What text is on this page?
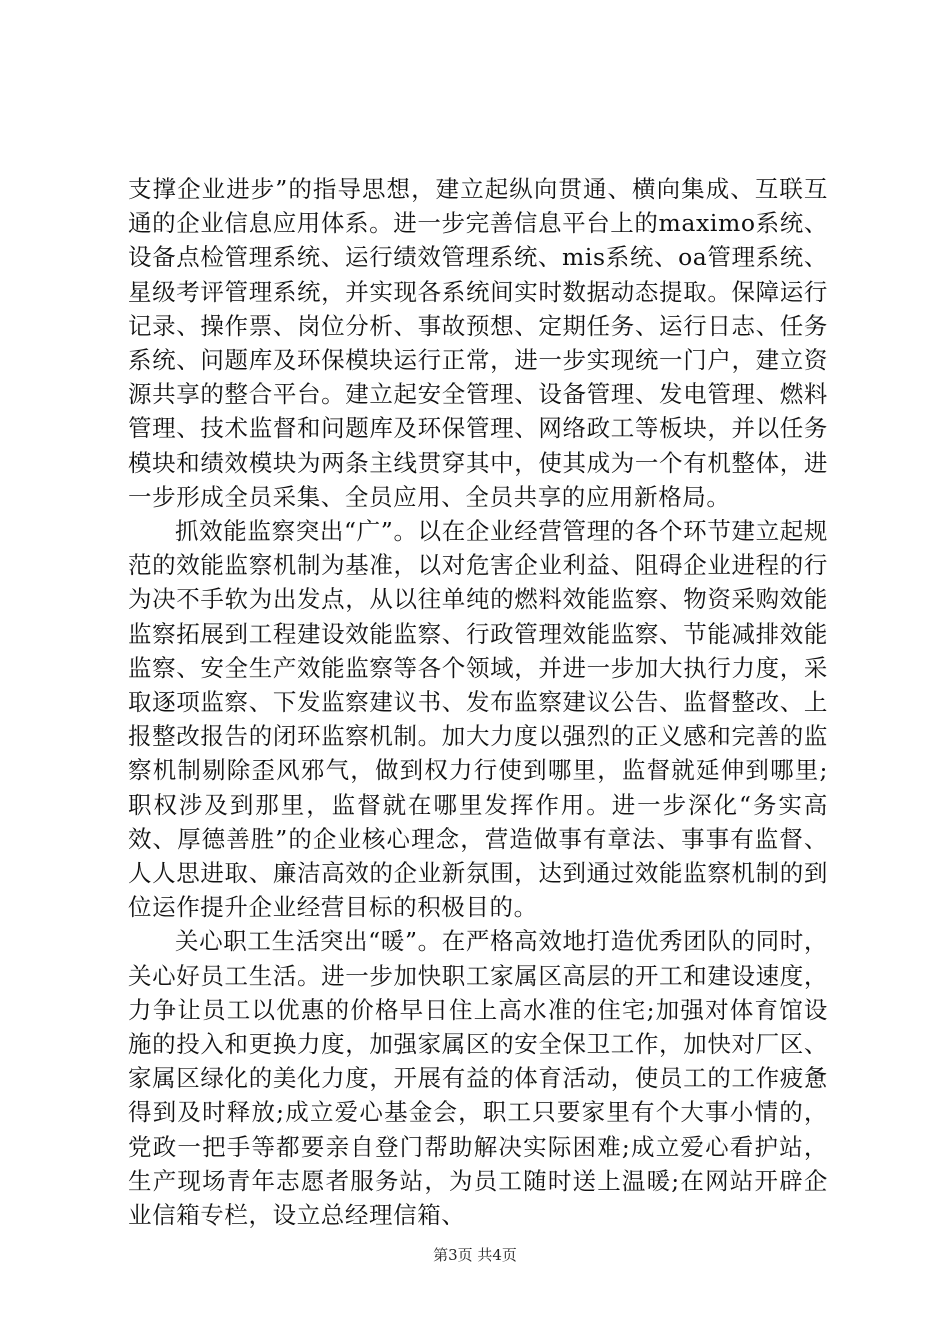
支撑企业进步”的指导思想，建立起纵向贯通、横向集成、互联互通的企业信息应用体系。进一步完善信息平台上的maximo系统、设备点检管理系统、运行绩效管理系统、mis系统、oa管理系统、星级考评管理系统，并实现各系统间实时数据动态提取。保障运行记录、操作票、岗位分析、事故预想、定期任务、运行日志、任务系统、问题库及环保模块运行正常，进一步实现统一门户，建立资源共享的整合平台。建立起安全管理、设备管理、发电管理、燃料管理、技术监督和问题库及环保管理、网络政工等板块，并以任务模块和绩效模块为两条主线贯穿其中，使其成为一个有机整体，进一步形成全员采集、全员应用、全员共享的应用新格局。

抓效能监察突出“广”。以在企业经营管理的各个环节建立起规范的效能监察机制为基准，以对危害企业利益、阻碍企业进程的行为决不手软为出发点，从以往单纯的燃料效能监察、物资采购效能监察拓展到工程建设效能监察、行政管理效能监察、节能减排效能监察、安全生产效能监察等各个领域，并进一步加大执行力度，采取逐项监察、下发监察建议书、发布监察建议公告、监督整改、上报整改报告的闭环监察机制。加大力度以强烈的正义感和完善的监察机制剔除歪风邪气，做到权力行使到哪里，监督就延伸到哪里;职权涉及到那里，监督就在哪里发挥作用。进一步深化“务实高效、厚德善胜”的企业核心理念，营造做事有章法、事事有监督、人人思进取、廉洁高效的企业新氛围，达到通过效能监察机制的到位运作提升企业经营目标的积极目的。

关心职工生活突出“暖”。在严格高效地打造优秀团队的同时，关心好员工生活。进一步加快职工家属区高层的开工和建设速度，力争让员工以优惠的价格早日住上高水准的住宅;加强对体育馆设施的投入和更换力度，加强家属区的安全保卫工作，加快对厂区、家属区绿化的美化力度，开展有益的体育活动，使员工的工作疲惫得到及时释放;成立爱心基金会，职工只要家里有个大事小情的，党政一把手等都要亲自登门帮助解决实际困难;成立爱心看护站，生产现场青年志愿者服务站，为员工随时送上温暖;在网站开辟企业信箱专栏，设立总经理信箱、

第3页 共4页
